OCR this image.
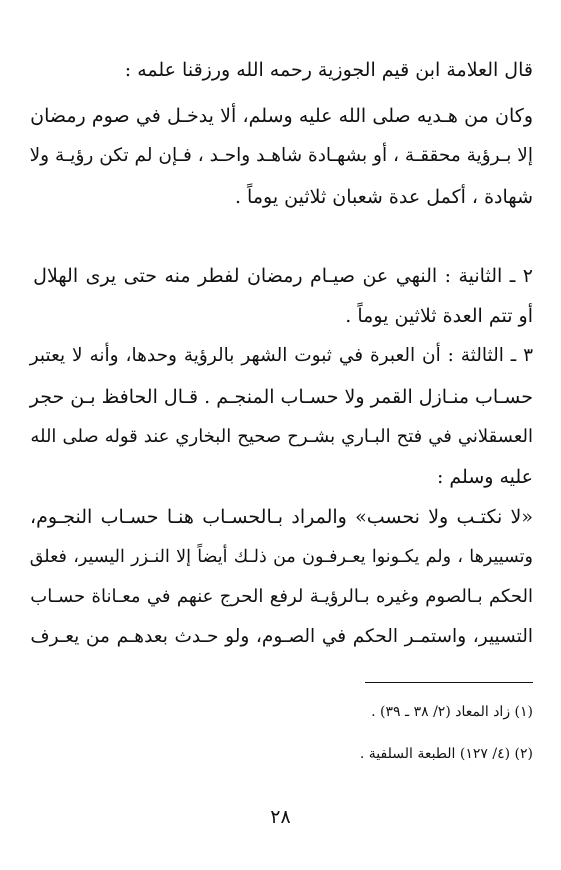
قال العلامة ابن قيم الجوزية رحمه الله ورزقنا علمه :
وكان من هـديه صلى الله عليه وسلم، ألا يدخـل في صوم رمضان
إلا بـرؤية محققـة ، أو بشهـادة شاهـد واحـد ، فـإن لم تكن رؤيـة ولا
شهادة ، أكمل عدة شعبان ثلاثين يوماً .
٢ ـ الثانية : النهي عن صيـام رمضان لفطر منه حتى يرى الهلال
أو تتم العدة ثلاثين يوماً .
٣ ـ الثالثة : أن العبرة في ثبوت الشهر بالرؤية وحدها، وأنه لا يعتبر
حسـاب منـازل القمر ولا حسـاب المنجـم . قـال الحافظ بـن حجر
العسقلاني في فتح البـاري بشـرح صحيح البخاري عند قوله صلى الله
عليه وسلم :
«لا نكتـب ولا نحسب» والمراد بـالحسـاب هنـا حسـاب النجـوم،
وتسييرها ، ولم يكـونوا يعـرفـون من ذلـك أيضاً إلا النـزر اليسير، فعلق
الحكم بـالصوم وغيره بـالرؤيـة لرفع الحرج عنهم في معـاناة حسـاب
التسيير، واستمـر الحكم في الصـوم، ولو حـدث بعدهـم من يعـرف
(١) زاد المعاد (٢/ ٣٨ ـ ٣٩) .
(٢) (٤/ ١٢٧) الطبعة السلفية .
٢٨
